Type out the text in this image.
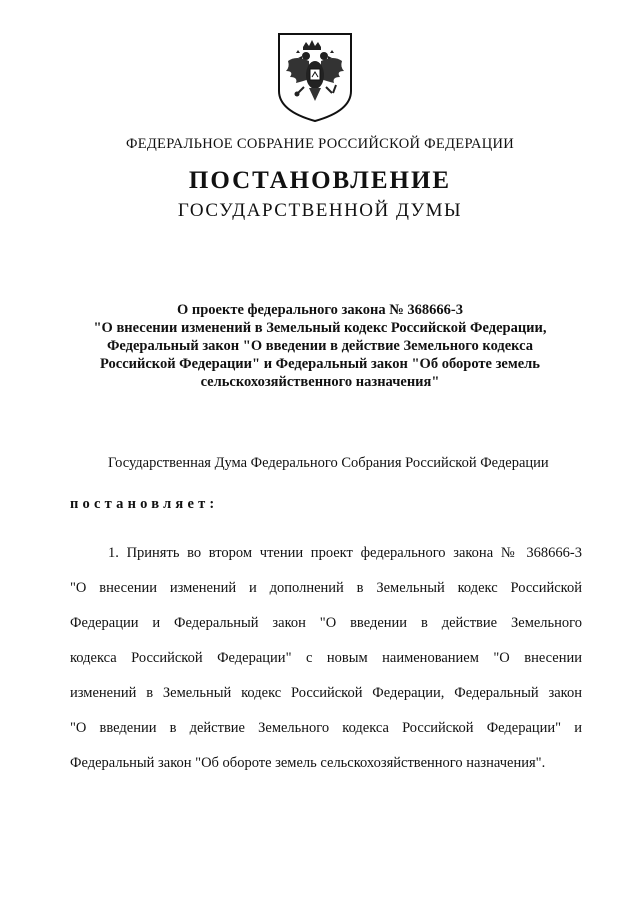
ФЕДЕРАЛЬНОЕ СОБРАНИЕ РОССИЙСКОЙ ФЕДЕРАЦИИ
ПОСТАНОВЛЕНИЕ
ГОСУДАРСТВЕННОЙ ДУМЫ
О проекте федерального закона № 368666-3
"О внесении изменений в Земельный кодекс Российской Федерации,
Федеральный закон "О введении в действие Земельного кодекса
Российской Федерации" и Федеральный закон "Об обороте земель
сельскохозяйственного назначения"
Государственная Дума Федерального Собрания Российской Федерации
постановляет:
1. Принять во втором чтении проект федерального закона № 368666-3
"О внесении изменений и дополнений в Земельный кодекс Российской
Федерации и Федеральный закон "О введении в действие Земельного
кодекса Российской Федерации" с новым наименованием "О внесении
изменений в Земельный кодекс Российской Федерации, Федеральный закон
"О введении в действие Земельного кодекса Российской Федерации" и
Федеральный закон "Об обороте земель сельскохозяйственного назначения".
